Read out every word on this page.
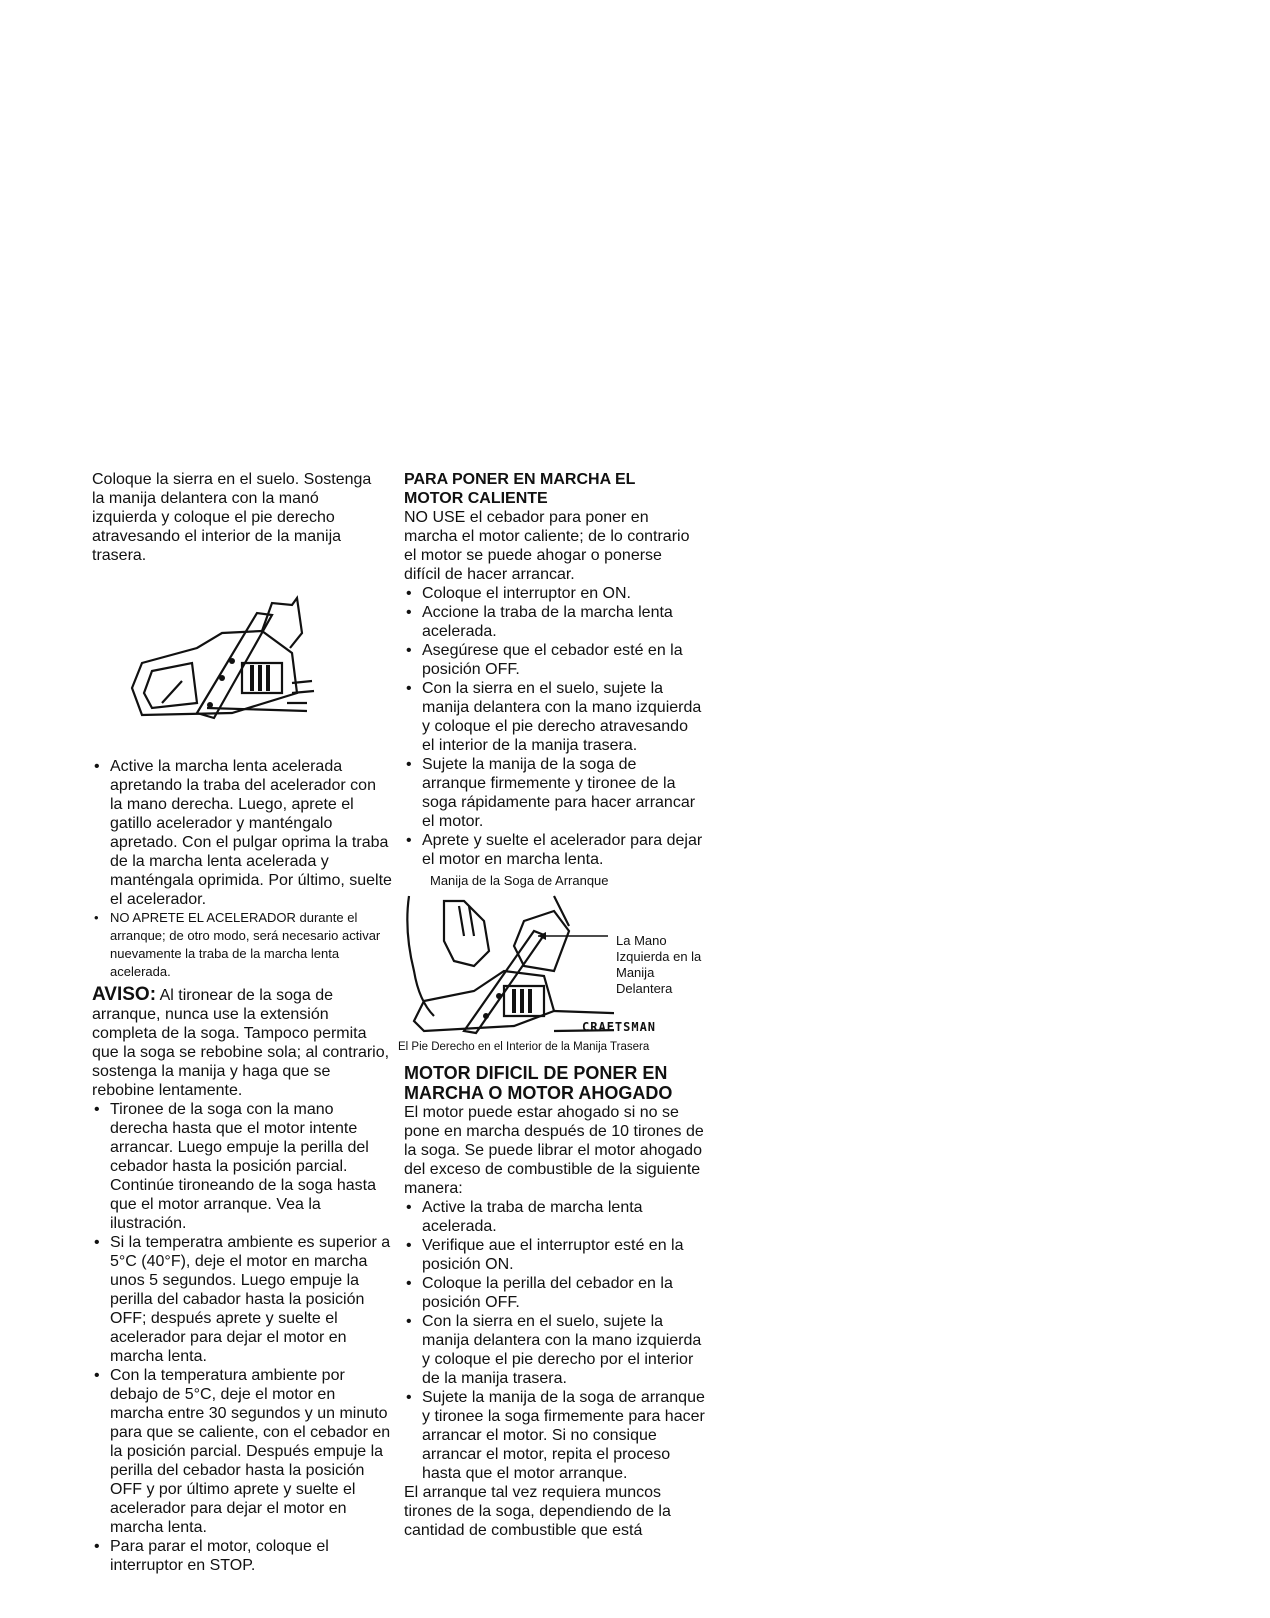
Coloque la sierra en el suelo. Sostenga la manija delantera con la manó izquierda y coloque el pie derecho atravesando el interior de la manija trasera.

• Active la marcha lenta acelerada apretando la traba del acelerador con la mano derecha. Luego, aprete el gatillo acelerador y manténgalo apretado. Con el pulgar oprima la traba de la marcha lenta acelerada y manténgala oprimida. Por último, suelte el acelerador.
• NO APRETE EL ACELERADOR durante el arranque; de otro modo, será necesario activar nuevamente la traba de la marcha lenta acelerada.

AVISO: Al tironear de la soga de arranque, nunca use la extensión completa de la soga. Tampoco permita que la soga se rebobine sola; al contrario, sostenga la manija y haga que se rebobine lentamente.

• Tironee de la soga con la mano derecha hasta que el motor intente arrancar. Luego empuje la perilla del cebador hasta la posición parcial. Continúe tironeando de la soga hasta que el motor arranque. Vea la ilustración.
• Si la temperatra ambiente es superior a 5°C (40°F), deje el motor en marcha unos 5 segundos. Luego empuje la perilla del cabador hasta la posición OFF; después aprete y suelte el acelerador para dejar el motor en marcha lenta.
• Con la temperatura ambiente por debajo de 5°C, deje el motor en marcha entre 30 segundos y un minuto para que se caliente, con el cebador en la posición parcial. Después empuje la perilla del cebador hasta la posición OFF y por último aprete y suelte el acelerador para dejar el motor en marcha lenta.
• Para parar el motor, coloque el interruptor en STOP.
PARA PONER EN MARCHA EL MOTOR CALIENTE

NO USE el cebador para poner en marcha el motor caliente; de lo contrario el motor se puede ahogar o ponerse difícil de hacer arrancar.

• Coloque el interruptor en ON.
• Accione la traba de la marcha lenta acelerada.
• Asegúrese que el cebador esté en la posición OFF.
• Con la sierra en el suelo, sujete la manija delantera con la mano izquierda y coloque el pie derecho atravesando el interior de la manija trasera.
• Sujete la manija de la soga de arranque firmemente y tironee de la soga rápidamente para hacer arrancar el motor.
• Aprete y suelte el acelerador para dejar el motor en marcha lenta.
Manija de la Soga de Arranque
La Mano Izquierda en la Manija Delantera
CRAFTSMAN
El Pie Derecho en el Interior de la Manija Trasera
MOTOR DIFICIL DE PONER EN MARCHA O MOTOR AHOGADO

El motor puede estar ahogado si no se pone en marcha después de 10 tirones de la soga. Se puede librar el motor ahogado del exceso de combustible de la siguiente manera:

• Active la traba de marcha lenta acelerada.
• Verifique aue el interruptor esté en la posición ON.
• Coloque la perilla del cebador en la posición OFF.
• Con la sierra en el suelo, sujete la manija delantera con la mano izquierda y coloque el pie derecho por el interior de la manija trasera.
• Sujete la manija de la soga de arranque y tironee la soga firmemente para hacer arrancar el motor. Si no consique arrancar el motor, repita el proceso hasta que el motor arranque.

El arranque tal vez requiera muncos tirones de la soga, dependiendo de la cantidad de combustible que está
